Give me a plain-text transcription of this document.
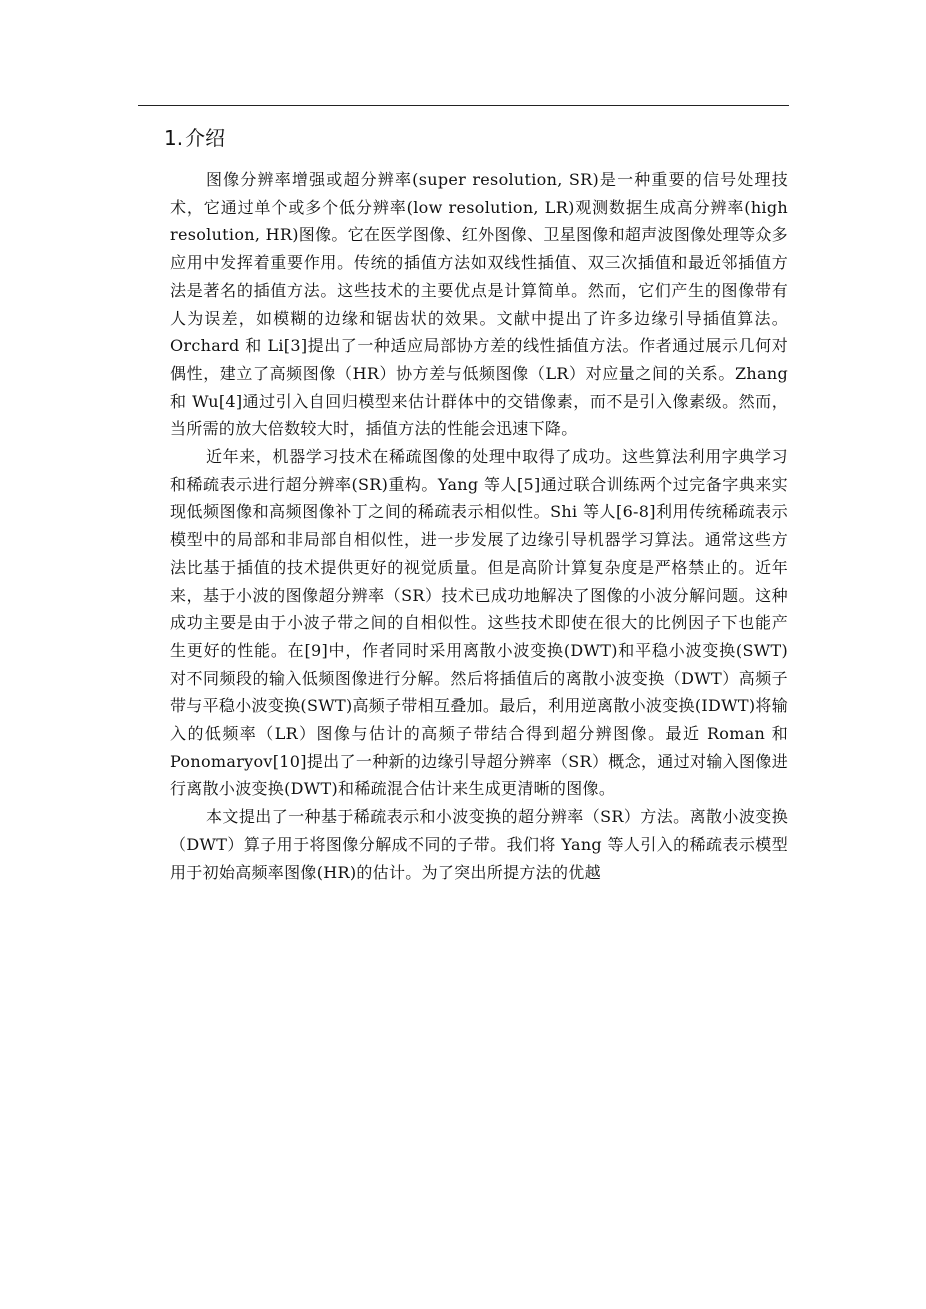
1. 介绍

图像分辨率增强或超分辨率(super resolution, SR)是一种重要的信号处理技术，它通过单个或多个低分辨率(low resolution, LR)观测数据生成高分辨率(high resolution, HR)图像。它在医学图像、红外图像、卫星图像和超声波图像处理等众多应用中发挥着重要作用。传统的插值方法如双线性插值、双三次插值和最近邻插值方法是著名的插值方法。这些技术的主要优点是计算简单。然而，它们产生的图像带有人为误差，如模糊的边缘和锯齿状的效果。文献中提出了许多边缘引导插值算法。Orchard 和 Li[3]提出了一种适应局部协方差的线性插值方法。作者通过展示几何对偶性，建立了高频图像（HR）协方差与低频图像（LR）对应量之间的关系。Zhang 和 Wu[4]通过引入自回归模型来估计群体中的交错像素，而不是引入像素级。然而，当所需的放大倍数较大时，插值方法的性能会迅速下降。

近年来，机器学习技术在稀疏图像的处理中取得了成功。这些算法利用字典学习和稀疏表示进行超分辨率(SR)重构。Yang 等人[5]通过联合训练两个过完备字典来实现低频图像和高频图像补丁之间的稀疏表示相似性。Shi 等人[6-8]利用传统稀疏表示模型中的局部和非局部自相似性，进一步发展了边缘引导机器学习算法。通常这些方法比基于插值的技术提供更好的视觉质量。但是高阶计算复杂度是严格禁止的。近年来，基于小波的图像超分辨率（SR）技术已成功地解决了图像的小波分解问题。这种成功主要是由于小波子带之间的自相似性。这些技术即使在很大的比例因子下也能产生更好的性能。在[9]中，作者同时采用离散小波变换(DWT)和平稳小波变换(SWT)对不同频段的输入低频图像进行分解。然后将插值后的离散小波变换（DWT）高频子带与平稳小波变换(SWT)高频子带相互叠加。最后，利用逆离散小波变换(IDWT)将输入的低频率（LR）图像与估计的高频子带结合得到超分辨图像。最近 Roman 和 Ponomaryov[10]提出了一种新的边缘引导超分辨率（SR）概念，通过对输入图像进行离散小波变换(DWT)和稀疏混合估计来生成更清晰的图像。

本文提出了一种基于稀疏表示和小波变换的超分辨率（SR）方法。离散小波变换（DWT）算子用于将图像分解成不同的子带。我们将 Yang 等人引入的稀疏表示模型用于初始高频率图像(HR)的估计。为了突出所提方法的优越
